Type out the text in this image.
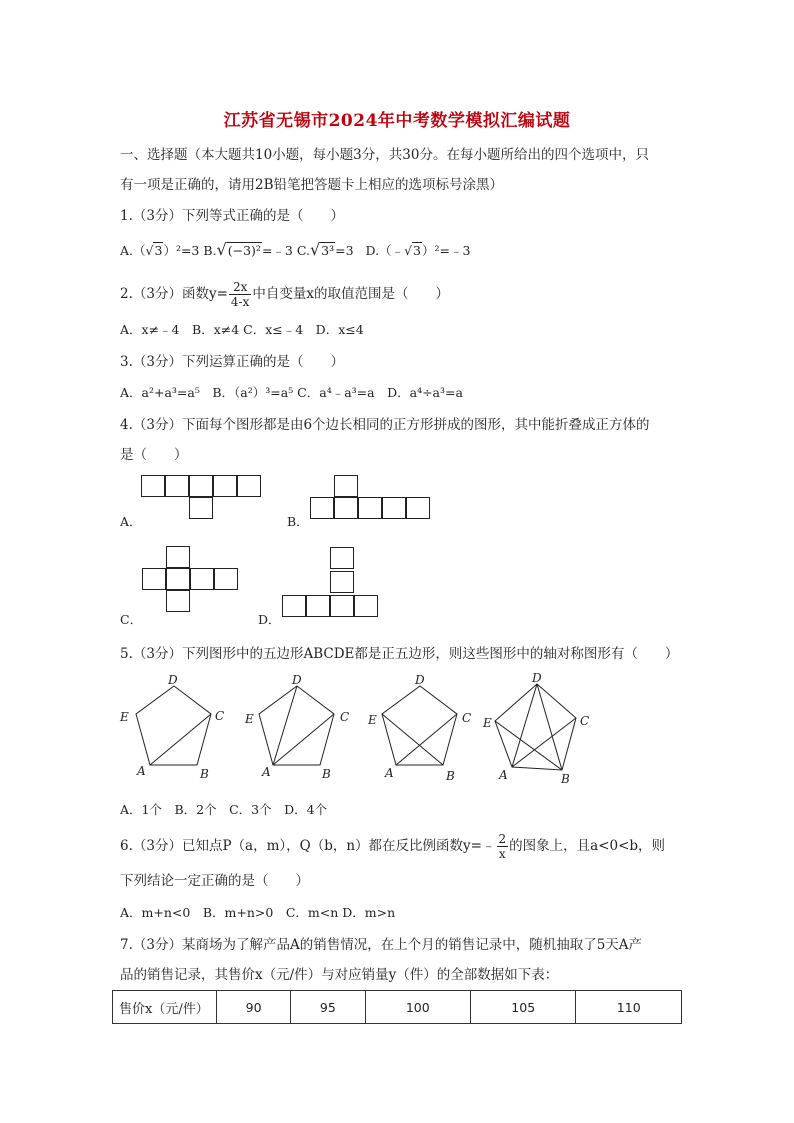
江苏省无锡市2024年中考数学模拟汇编试题
一、选择题（本大题共10小题，每小题3分，共30分。在每小题所给出的四个选项中，只
有一项是正确的，请用2B铅笔把答题卡上相应的选项标号涂黑）
1.（3分）下列等式正确的是（　　）
A.（√3）²=3 B.√(−3)²=﹣3 C.√3³=3 D.（﹣√3）²=﹣3
2.（3分）函数$y= \frac{2x}{4-x}$ 中自变量x的取值范围是（　　）
A．x≠﹣4　B．x≠4 C．x≤﹣4　D．x≤4
3.（3分）下列运算正确的是（　　）
A．a²+a³=a⁵　B．（a²）³=a⁵ C．a⁴﹣a³=a　D．a⁴÷a³=a
4.（3分）下面每个图形都是由6个边长相同的正方形拼成的图形，其中能折叠成正方体的
是（　　）
A．	B．
C．	D．
5.（3分）下列图形中的五边形ABCDE都是正五边形，则这些图形中的轴对称图形有（　　）
D
C
B
A
E
D
C
B
A
E
D
C
B
A
E
D
C
B
A
E
A．1个　B．2个　C．3个　D．4个
6.（3分）已知点P（a，m），Q（b，n）都在反比例函数y=﹣ $\frac{2}{x}$ 的图象上，且a<0<b，则
下列结论一定正确的是（　　）
A．m+n<0　B．m+n>0　C．m<n D．m>n
7.（3分）某商场为了解产品A的销售情况，在上个月的销售记录中，随机抽取了5天A产
品的销售记录，其售价x（元/件）与对应销量y（件）的全部数据如下表：
售价x（元/件）	90	95	100	105	110
